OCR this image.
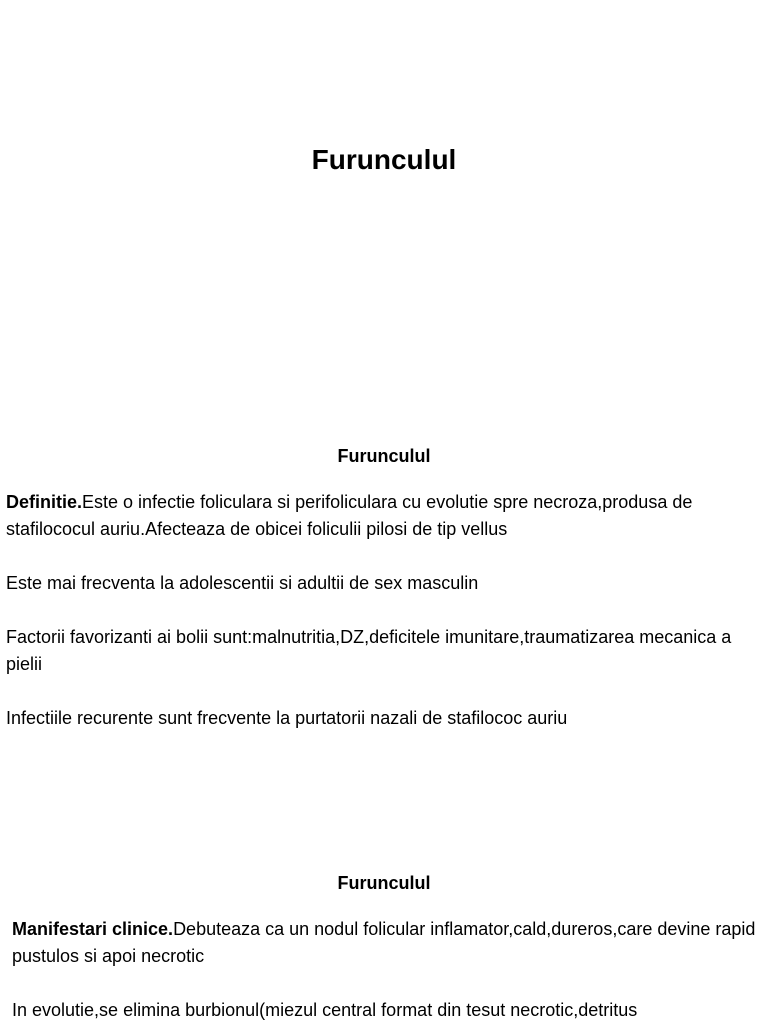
Furunculul
Furunculul

Definitie.Este o infectie foliculara si perifoliculara cu evolutie spre necroza,produsa de stafilococul auriu.Afecteaza de obicei foliculii pilosi de tip vellus

Este mai frecventa la adolescentii si adultii de sex masculin

Factorii favorizanti ai bolii sunt:malnutritia,DZ,deficitele imunitare,traumatizarea mecanica a pielii

Infectiile recurente sunt frecvente la purtatorii nazali de stafilococ auriu

Furunculul

Manifestari clinice.Debuteaza ca un nodul folicular inflamator,cald,dureros,care devine rapid pustulos si apoi necrotic

In evolutie,se elimina burbionul(miezul central format din tesut necrotic,detritus
